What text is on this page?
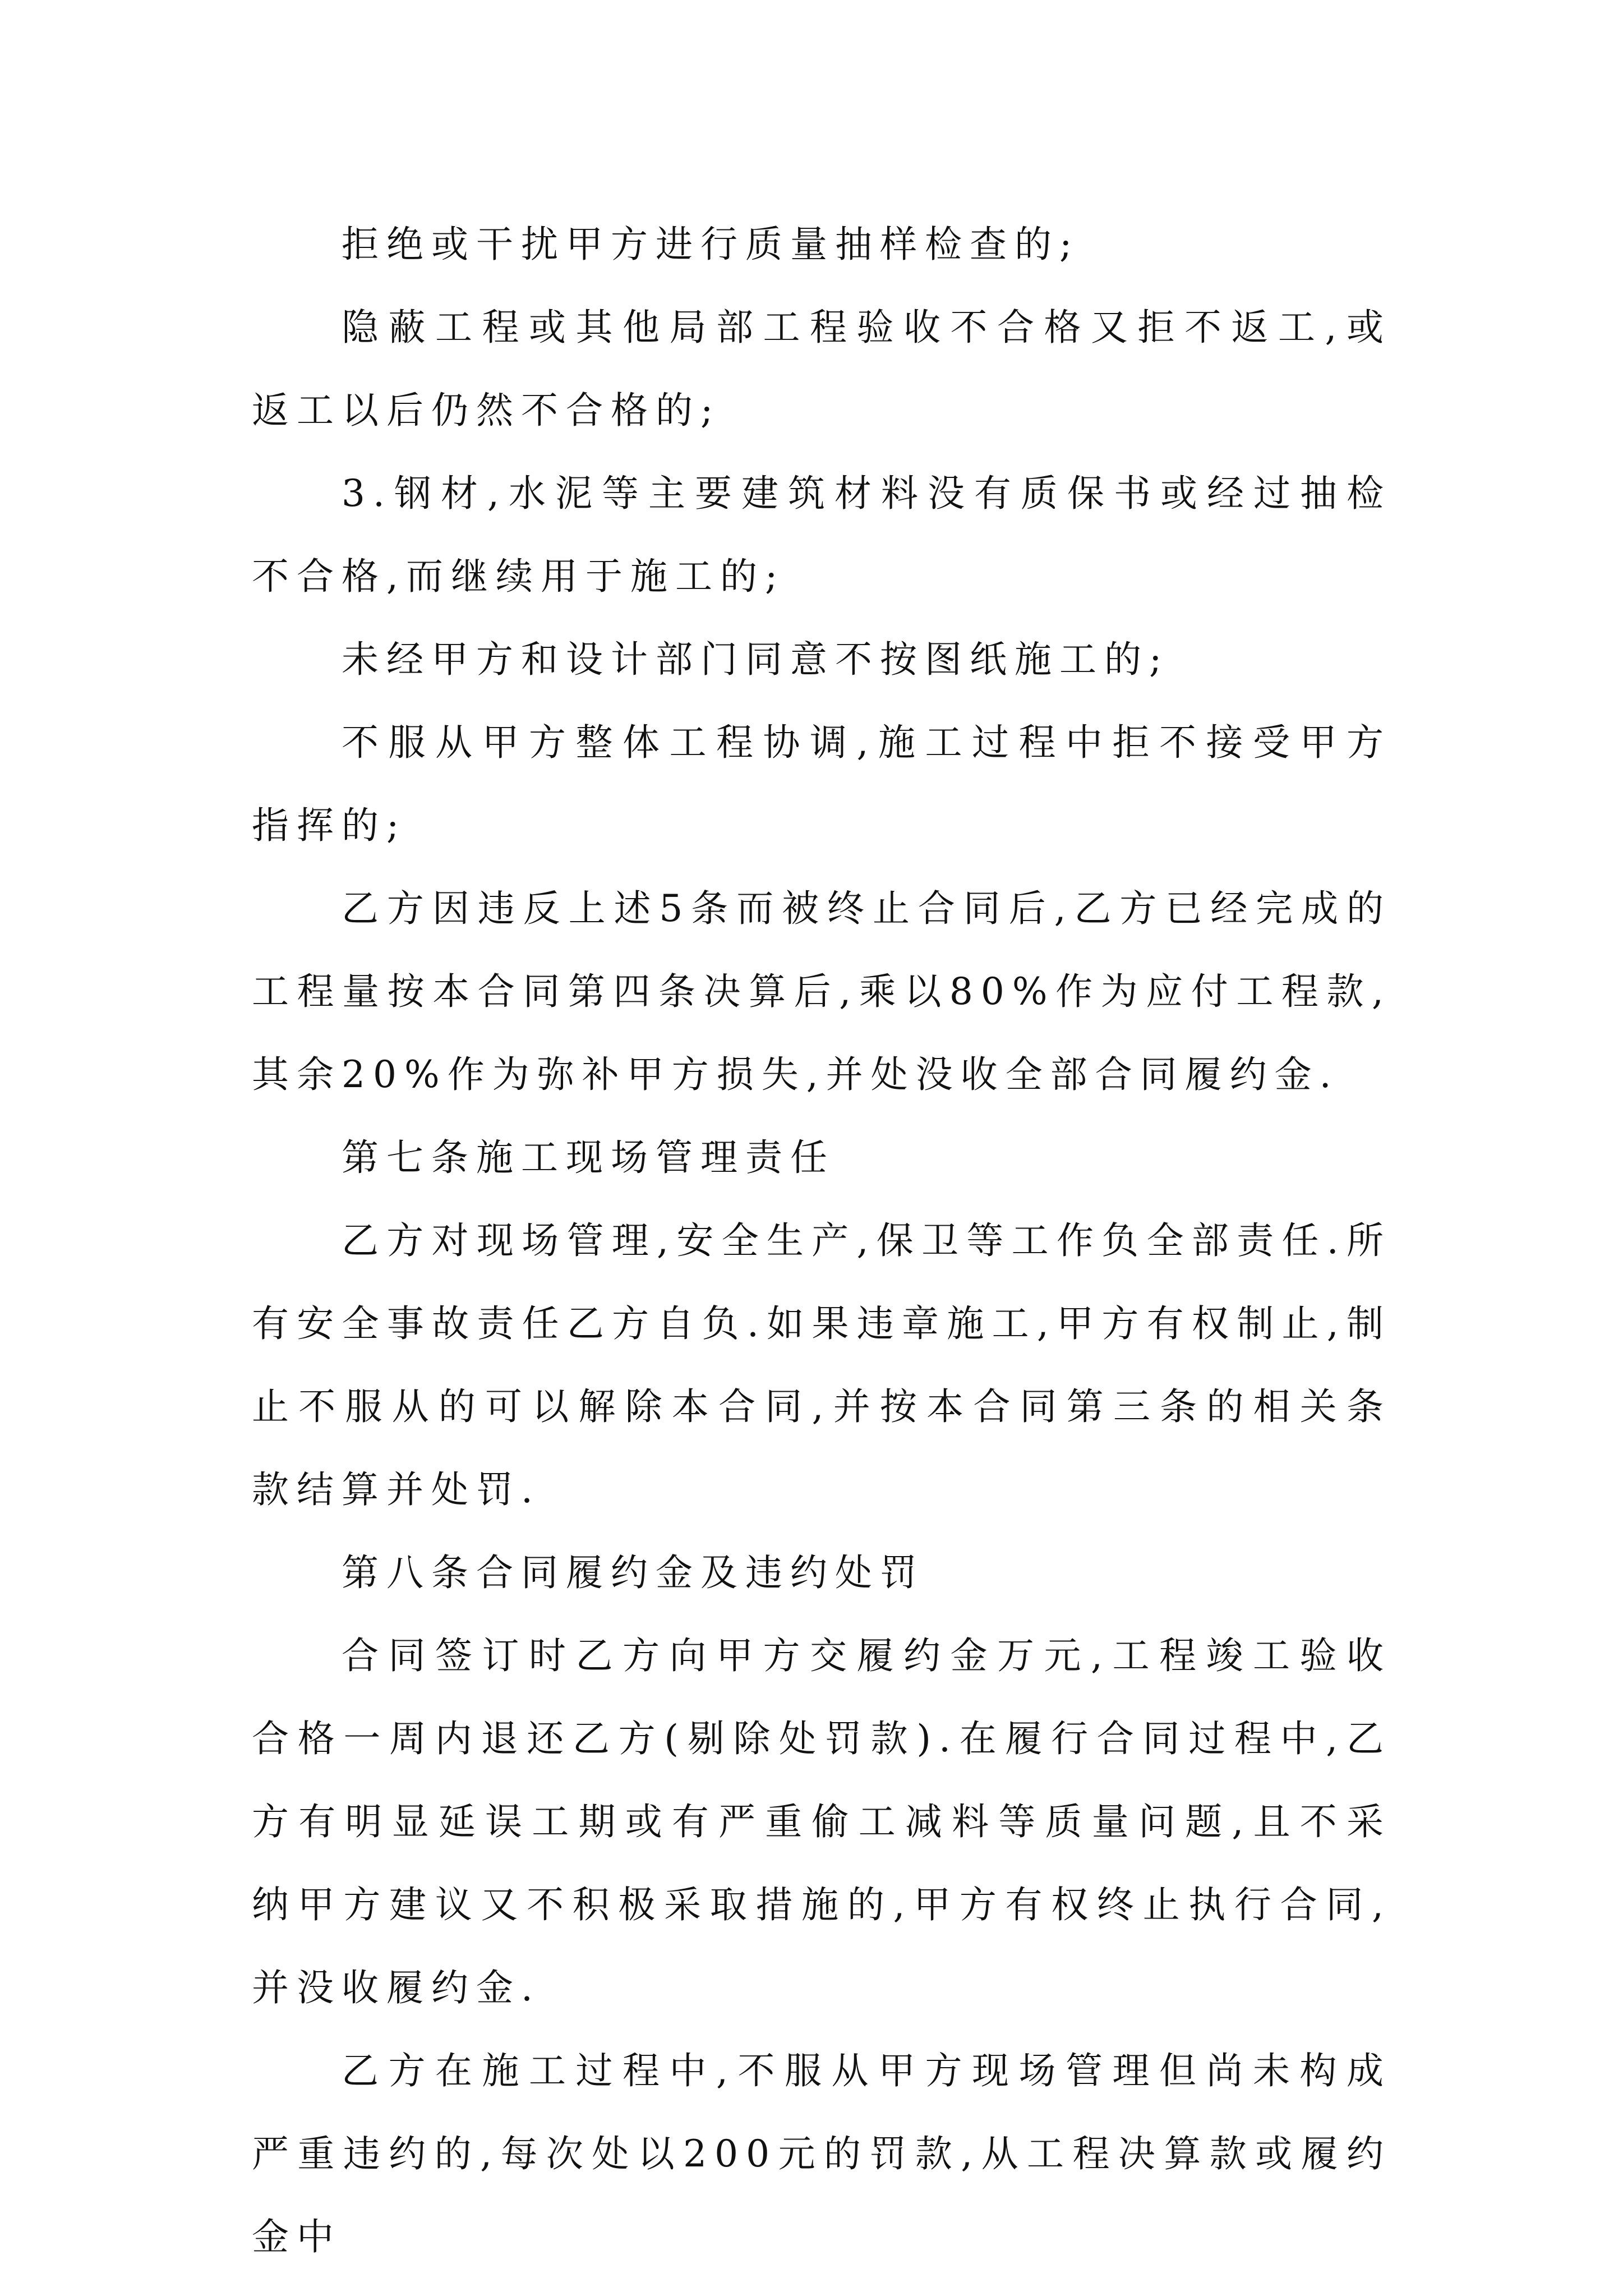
拒绝或干扰甲方进行质量抽样检查的;

隐蔽工程或其他局部工程验收不合格又拒不返工,或返工以后仍然不合格的;

3.钢材,水泥等主要建筑材料没有质保书或经过抽检不合格,而继续用于施工的;

未经甲方和设计部门同意不按图纸施工的;

不服从甲方整体工程协调,施工过程中拒不接受甲方指挥的;

乙方因违反上述5条而被终止合同后,乙方已经完成的工程量按本合同第四条决算后,乘以80%作为应付工程款,其余20%作为弥补甲方损失,并处没收全部合同履约金.

第七条施工现场管理责任

乙方对现场管理,安全生产,保卫等工作负全部责任.所有安全事故责任乙方自负.如果违章施工,甲方有权制止,制止不服从的可以解除本合同,并按本合同第三条的相关条款结算并处罚.

第八条合同履约金及违约处罚

合同签订时乙方向甲方交履约金万元,工程竣工验收合格一周内退还乙方(剔除处罚款).在履行合同过程中,乙方有明显延误工期或有严重偷工减料等质量问题,且不采纳甲方建议又不积极采取措施的,甲方有权终止执行合同,并没收履约金.

乙方在施工过程中,不服从甲方现场管理但尚未构成严重违约的,每次处以200元的罚款,从工程决算款或履约金中
